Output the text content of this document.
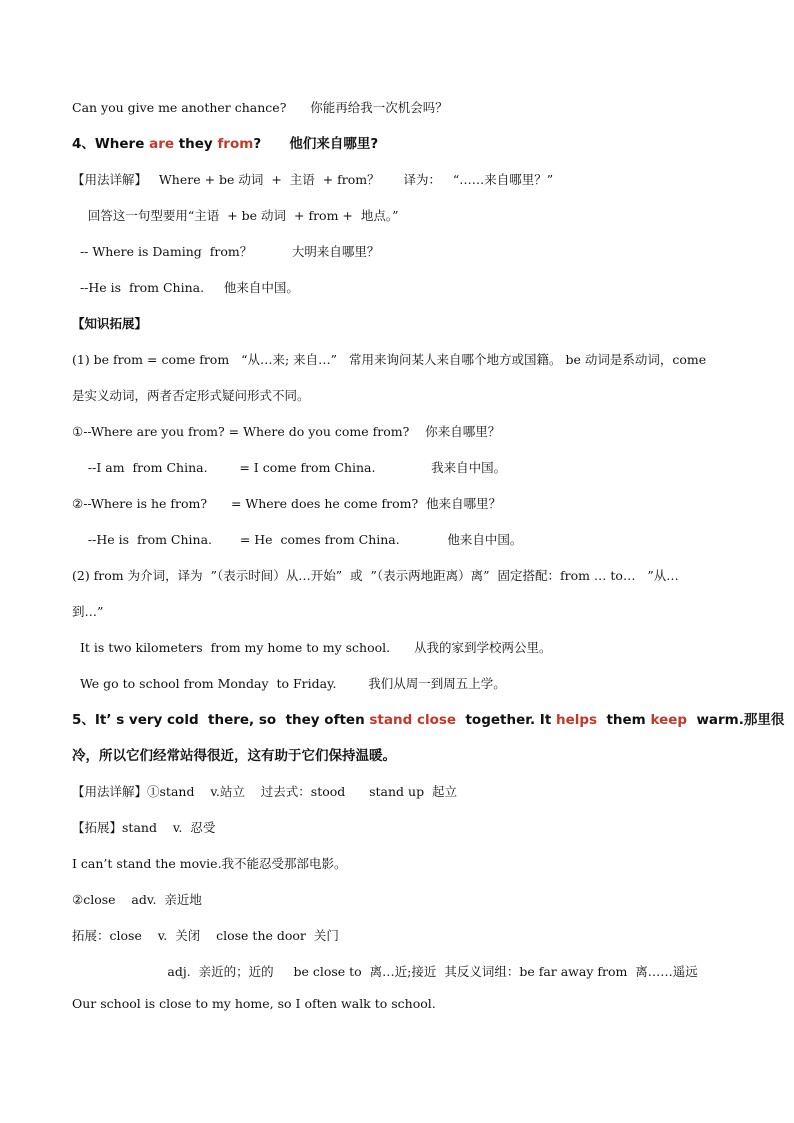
Can you give me another chance?      你能再给我一次机会吗？
4、Where are they from?      他们来自哪里?
【用法详解】   Where + be 动词  +  主语  + from？      译为：   “……来自哪里？”
回答这一句型要用“主语  + be 动词  + from +  地点。”
-- Where is Daming  from？          大明来自哪里？
--He is  from China.     他来自中国。
【知识拓展】
(1) be from = come from   “从…来; 来自…”   常用来询问某人来自哪个地方或国籍。 be 动词是系动词，come
是实义动词，两者否定形式疑问形式不同。
①--Where are you from? = Where do you come from?    你来自哪里？
--I am  from China.        = I come from China.              我来自中国。
②--Where is he from?      = Where does he come from?  他来自哪里？
--He is  from China.       = He  comes from China.            他来自中国。
(2) from 为介词，译为  ”（表示时间）从…开始”  或  ”（表示两地距离）离”  固定搭配：from … to…   ”从…
到…”
It is two kilometers  from my home to my school.      从我的家到学校两公里。
We go to school from Monday  to Friday.        我们从周一到周五上学。
5、It’ s very cold  there, so  they often stand close  together. It helps  them keep  warm.那里很
冷，所以它们经常站得很近，这有助于它们保持温暖。
【用法详解】①stand    v.站立    过去式：stood      stand up  起立
【拓展】stand    v.  忍受
I can’t stand the movie.我不能忍受那部电影。
②close    adv.  亲近地
拓展：close    v.  关闭    close the door  关门
adj.  亲近的；近的     be close to  离…近;接近  其反义词组：be far away from  离……遥远
Our school is close to my home, so I often walk to school.
